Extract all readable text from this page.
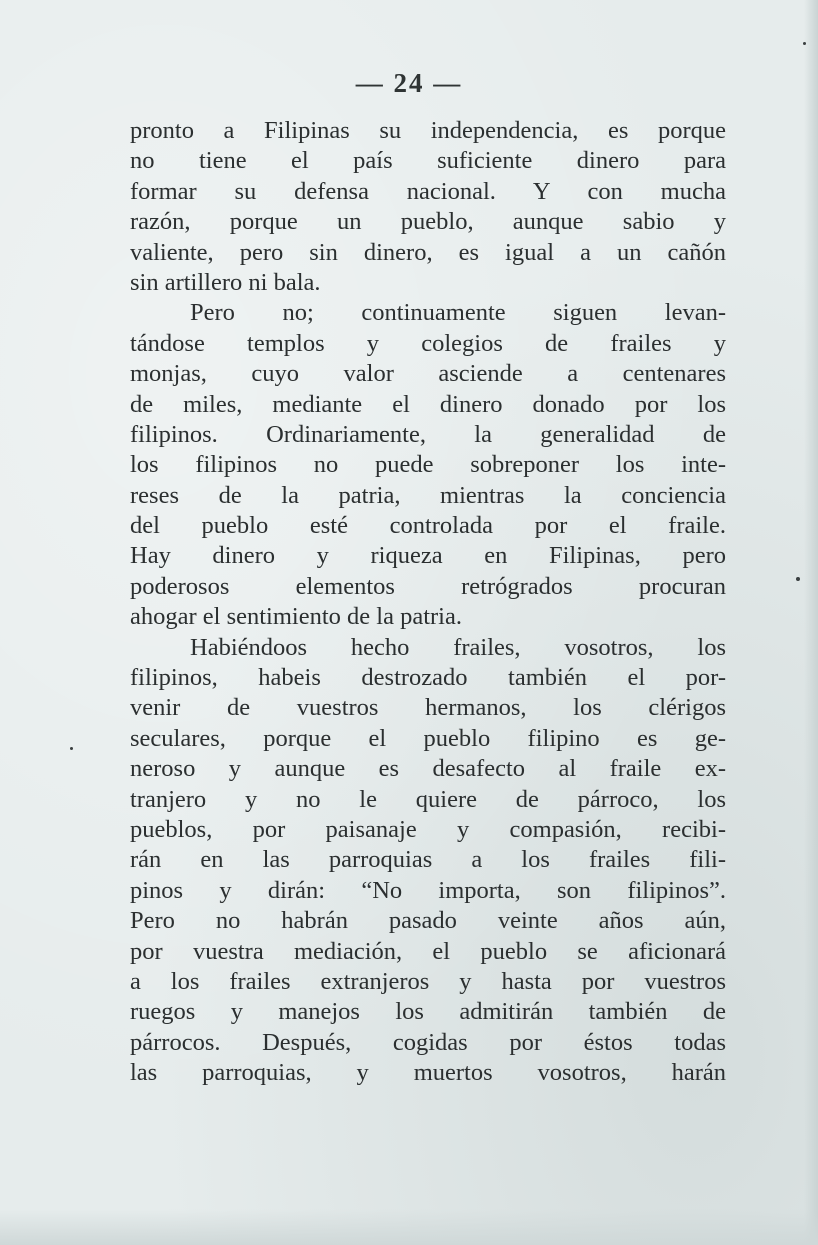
— 24 —
pronto a Filipinas su independencia, es porque
no tiene el país suficiente dinero para
formar su defensa nacional. Y con mucha
razón, porque un pueblo, aunque sabio y
valiente, pero sin dinero, es igual a un cañón
sin artillero ni bala.
Pero no; continuamente siguen levan-
tándose templos y colegios de frailes y
monjas, cuyo valor asciende a centenares
de miles, mediante el dinero donado por los
filipinos. Ordinariamente, la generalidad de
los filipinos no puede sobreponer los inte-
reses de la patria, mientras la conciencia
del pueblo esté controlada por el fraile.
Hay dinero y riqueza en Filipinas, pero
poderosos elementos retrógrados procuran
ahogar el sentimiento de la patria.
Habiéndoos hecho frailes, vosotros, los
filipinos, habeis destrozado también el por-
venir de vuestros hermanos, los clérigos
seculares, porque el pueblo filipino es ge-
neroso y aunque es desafecto al fraile ex-
tranjero y no le quiere de párroco, los
pueblos, por paisanaje y compasión, recibi-
rán en las parroquias a los frailes fili-
pinos y dirán: “No importa, son filipinos”.
Pero no habrán pasado veinte años aún,
por vuestra mediación, el pueblo se aficionará
a los frailes extranjeros y hasta por vuestros
ruegos y manejos los admitirán también de
párrocos. Después, cogidas por éstos todas
las parroquias, y muertos vosotros, harán
